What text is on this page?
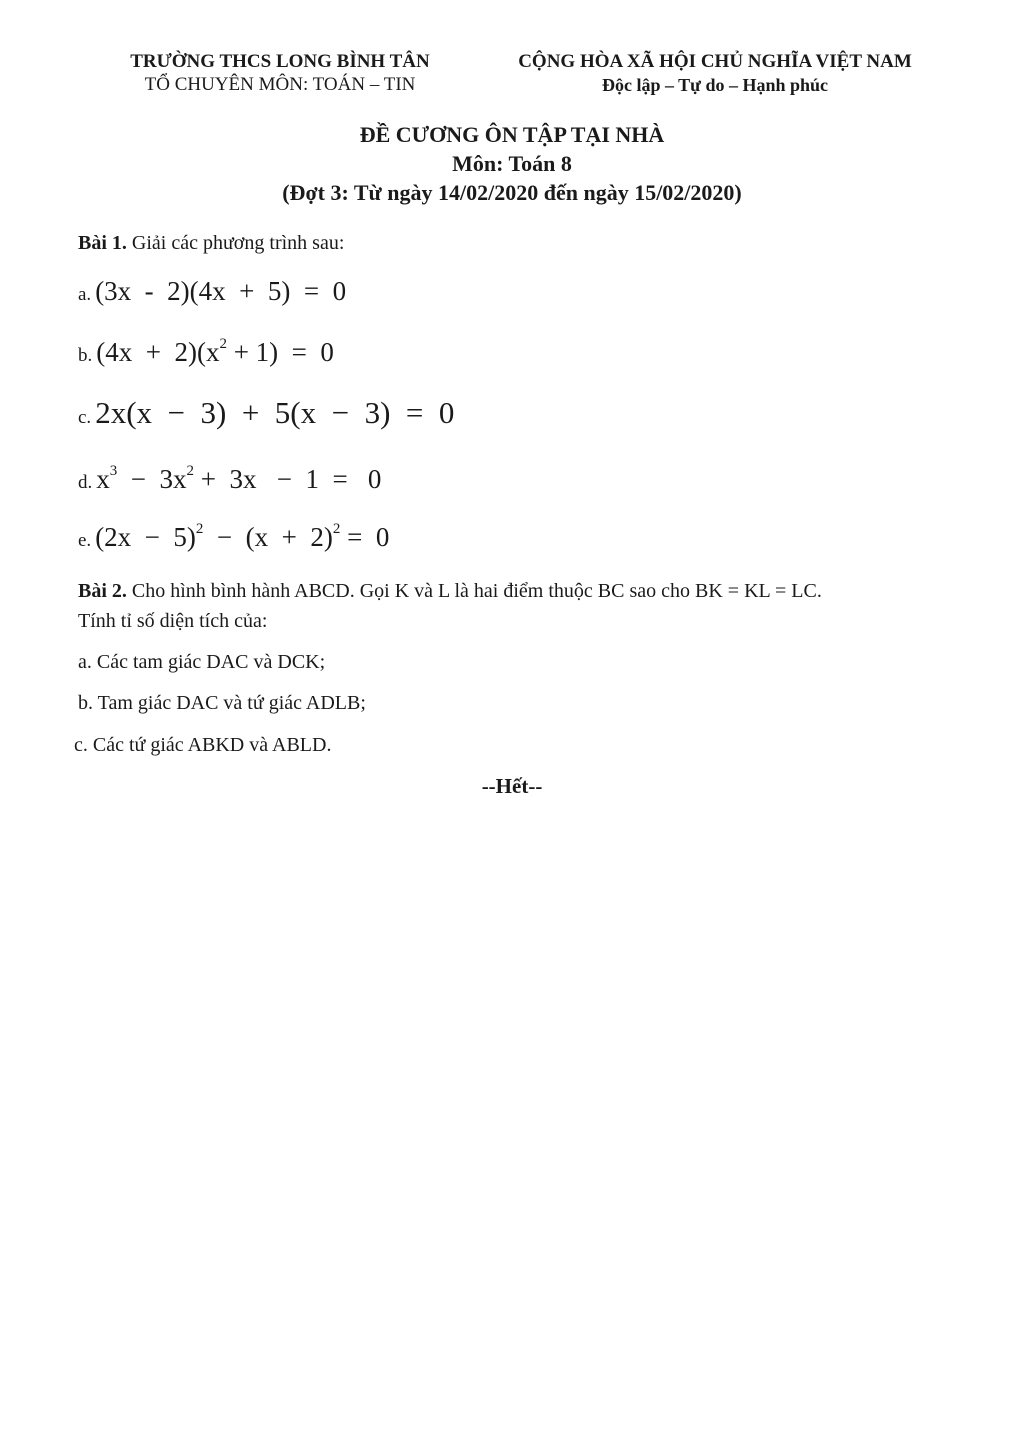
TRƯỜNG THCS LONG BÌNH TÂN
TỔ CHUYÊN MÔN: TOÁN – TIN
CỘNG HÒA XÃ HỘI CHỦ NGHĨA VIỆT NAM
Độc lập – Tự do – Hạnh phúc
ĐỀ CƯƠNG ÔN TẬP TẠI NHÀ
Môn: Toán 8
(Đợt 3: Từ ngày 14/02/2020 đến ngày 15/02/2020)
Bài 1. Giải các phương trình sau:
a. (3x  -  2)(4x  +  5)  =  0
b. $(4x + 2)(x^2 + 1) = 0$
c. 2x(x  −  3)  +  5(x  −  3)  =  0
d. $x^3 - 3x^2 + 3x - 1 = 0$
e. $(2x - 5)^2 - (x + 2)^2 = 0$
Bài 2. Cho hình bình hành ABCD. Gọi K và L là hai điểm thuộc BC sao cho BK = KL = LC.
Tính tỉ số diện tích của:
a. Các tam giác DAC và DCK;
b. Tam giác DAC và tứ giác ADLB;
c. Các tứ giác ABKD và ABLD.
--Hết--
